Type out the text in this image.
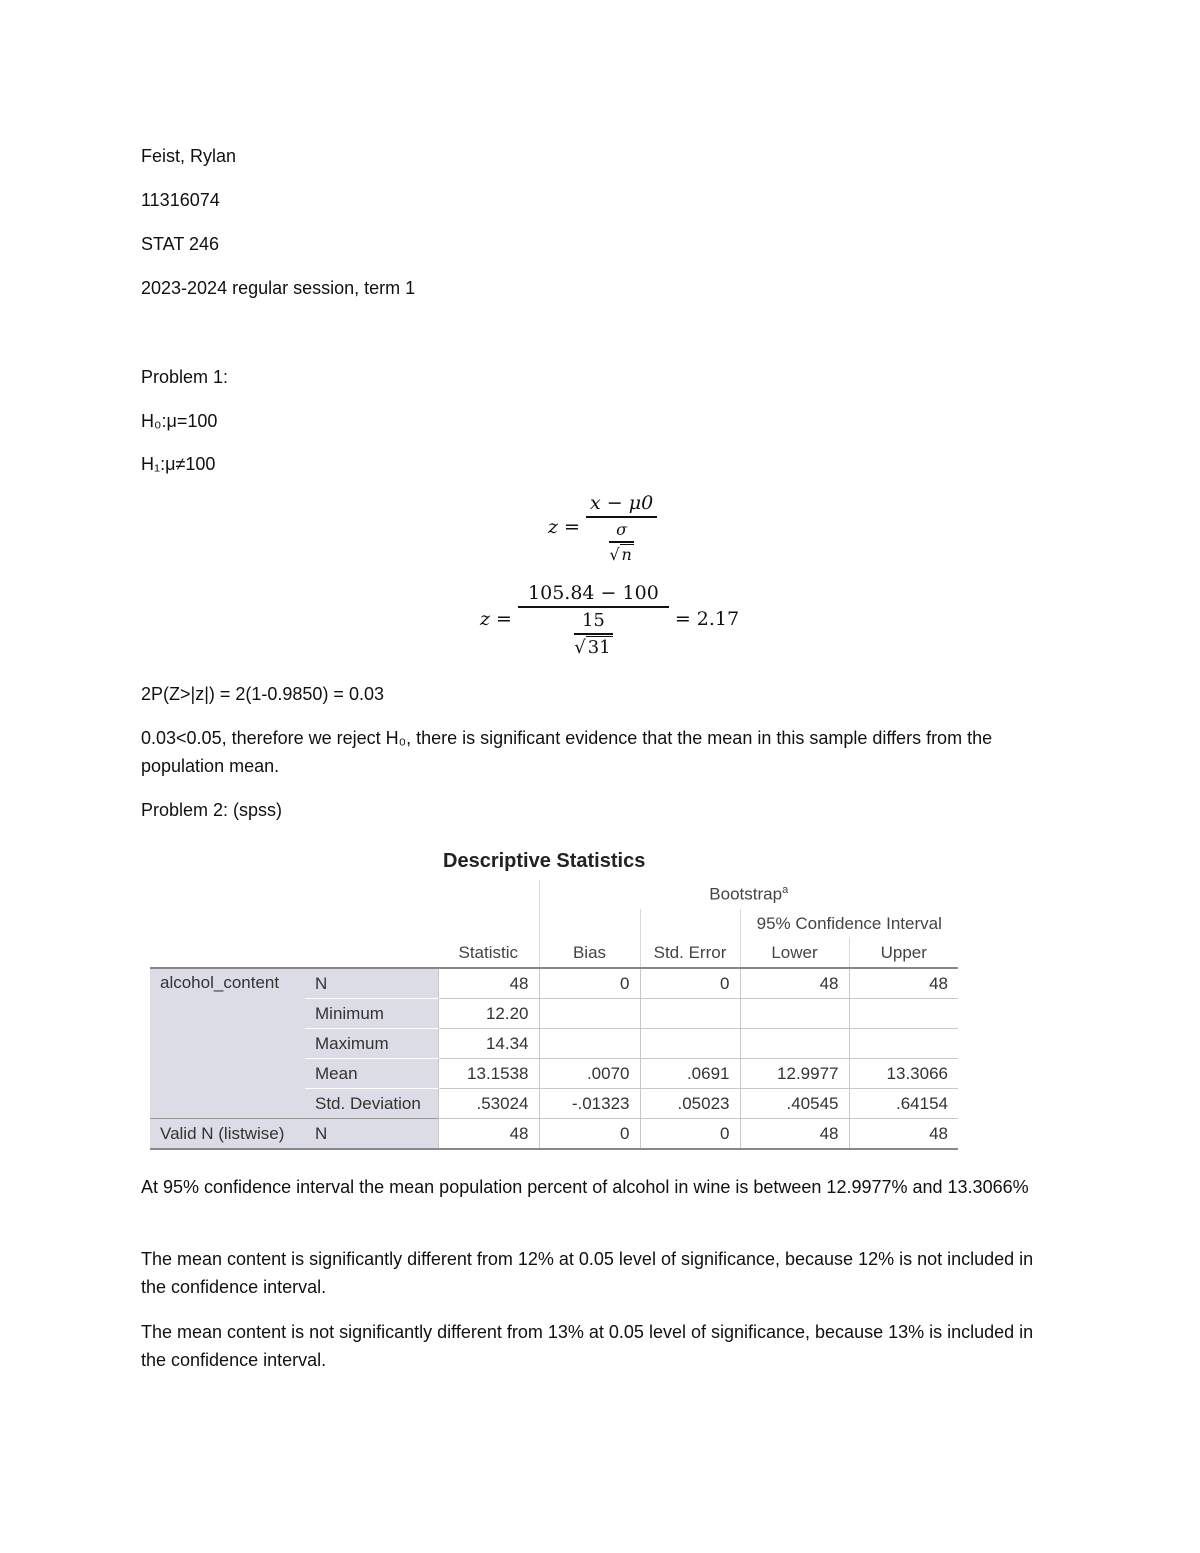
Feist, Rylan
11316074
STAT 246
2023-2024 regular session, term 1
Problem 1:
H₀:μ=100
H₁:μ≠100
$z = \frac{x - \mu 0}{\frac{\sigma}{√ n}}$
$z = \frac{105.84 - 100}{\frac{15}{√ 31}} = 2.17$
2P(Z>|z|) = 2(1-0.9850) = 0.03
0.03<0.05, therefore we reject H₀, there is significant evidence that the mean in this sample differs from the population mean.
Problem 2: (spss)
Descriptive Statistics
			Bootstrap$^a$
					95% Confidence Interval	
		Statistic	Bias	Std. Error	Lower	Upper
alcohol_content	N	48	0	0	48	48
	Minimum	12.20				
	Maximum	14.34				
	Mean	13.1538	.0070	.0691	12.9977	13.3066
	Std. Deviation	.53024	-.01323	.05023	.40545	.64154
Valid N (listwise)	N	48	0	0	48	48
At 95% confidence interval the mean population percent of alcohol in wine is between 12.9977% and 13.3066%
The mean content is significantly different from 12% at 0.05 level of significance, because 12% is not included in the confidence interval.
The mean content is not significantly different from 13% at 0.05 level of significance, because 13% is included in the confidence interval.
